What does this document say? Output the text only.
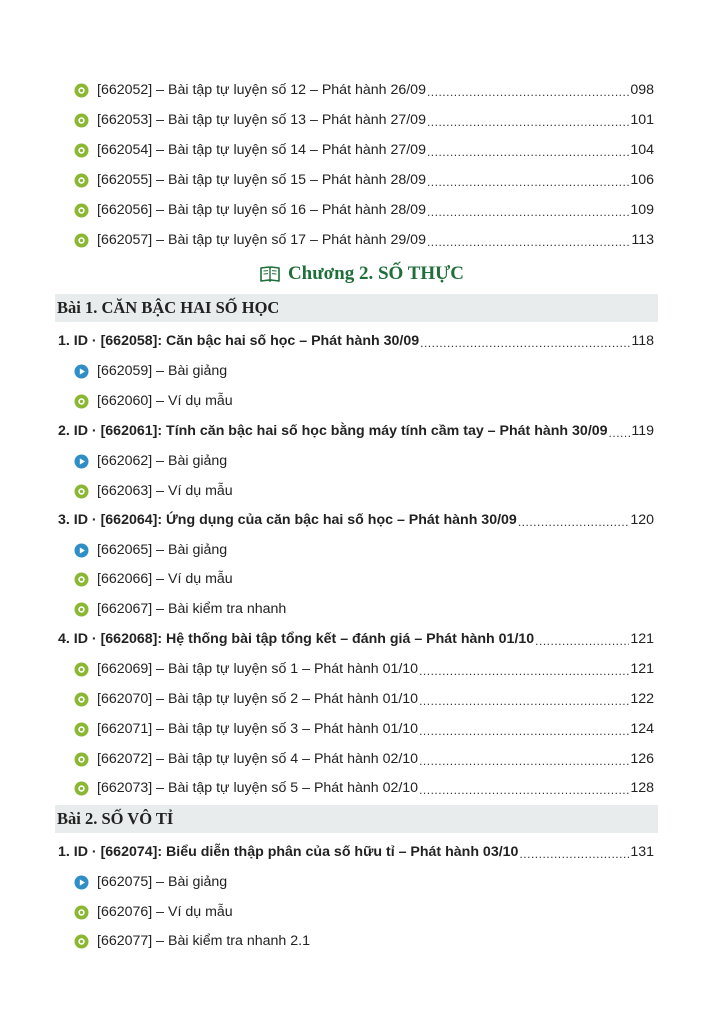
[662052] – Bài tập tự luyện số 12 – Phát hành 26/09 .....	098
[662053] – Bài tập tự luyện số 13 – Phát hành 27/09 .....	101
[662054] – Bài tập tự luyện số 14 – Phát hành 27/09 .....	104
[662055] – Bài tập tự luyện số 15 – Phát hành 28/09 .....	106
[662056] – Bài tập tự luyện số 16 – Phát hành 28/09 .....	109
[662057] – Bài tập tự luyện số 17 – Phát hành 29/09 .....	113
Chương 2. SỐ THỰC
Bài 1. CĂN BẬC HAI SỐ HỌC
1. ID · [662058]: Căn bậc hai số học – Phát hành 30/09 .....	118
[662059] – Bài giảng
[662060] – Ví dụ mẫu
2. ID · [662061]: Tính căn bậc hai số học bằng máy tính cầm tay – Phát hành 30/09 ..... 119
[662062] – Bài giảng
[662063] – Ví dụ mẫu
3. ID · [662064]: Ứng dụng của căn bậc hai số học – Phát hành 30/09 .....	120
[662065] – Bài giảng
[662066] – Ví dụ mẫu
[662067] – Bài kiểm tra nhanh
4. ID · [662068]: Hệ thống bài tập tổng kết – đánh giá – Phát hành 01/10 .....	121
[662069] – Bài tập tự luyện số 1 – Phát hành 01/10 .....	121
[662070] – Bài tập tự luyện số 2 – Phát hành 01/10 .....	122
[662071] – Bài tập tự luyện số 3 – Phát hành 01/10 .....	124
[662072] – Bài tập tự luyện số 4 – Phát hành 02/10 .....	126
[662073] – Bài tập tự luyện số 5 – Phát hành 02/10 .....	128
Bài 2. SỐ VÔ TỈ
1. ID · [662074]: Biểu diễn thập phân của số hữu tỉ – Phát hành 03/10 .....	131
[662075] – Bài giảng
[662076] – Ví dụ mẫu
[662077] – Bài kiểm tra nhanh 2.1
